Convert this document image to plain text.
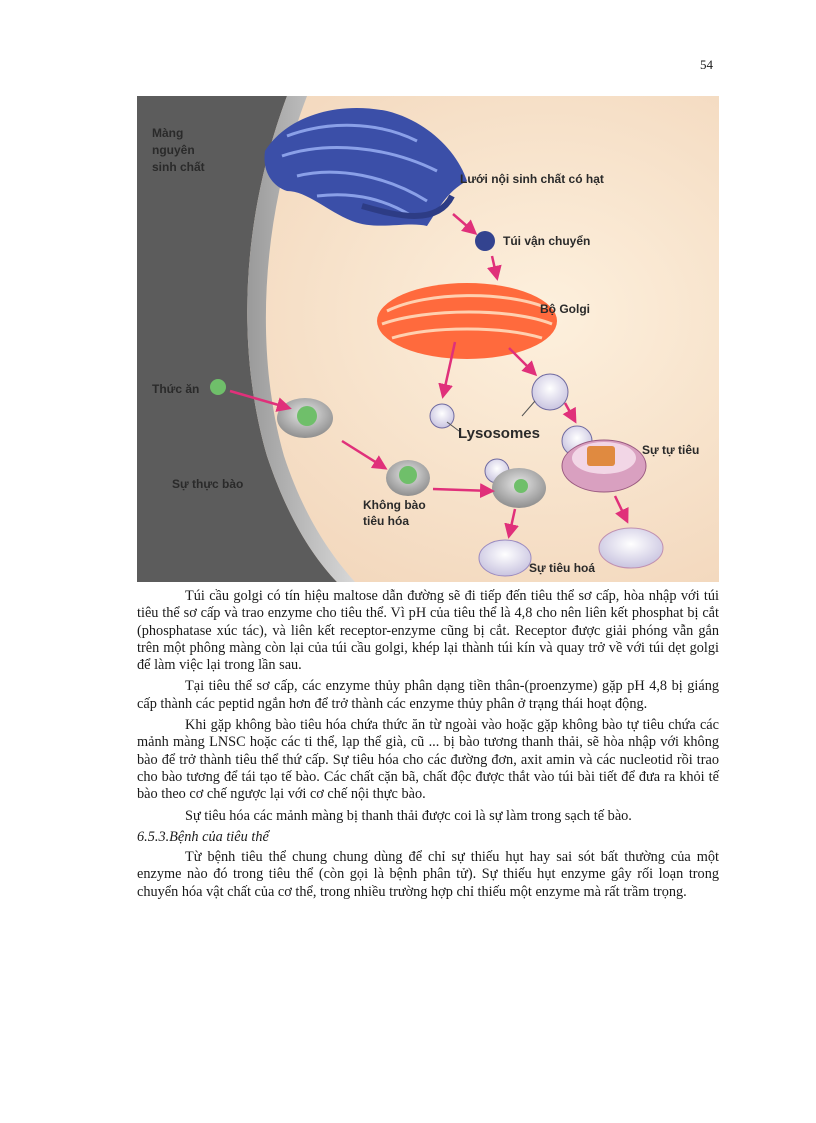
54
Màng
nguyên
sinh chất
Lưới nội sinh chất có hạt
Túi vận chuyển
Bộ Golgi
Thức ăn
Lysosomes
Sự tự tiêu
Sự thực bào
Không bào
tiêu hóa
Sự tiêu hoá

Túi cầu golgi có tín hiệu maltose dẫn đường sẽ đi tiếp đến tiêu thể sơ cấp, hòa nhập với túi tiêu thể sơ cấp và trao enzyme cho tiêu thể. Vì pH của tiêu thể là 4,8 cho nên liên kết phosphat bị cắt (phosphatase xúc tác), và liên kết receptor-enzyme cũng bị cắt. Receptor được giải phóng vẫn gắn trên một phông màng còn lại của túi cầu golgi, khép lại thành túi kín và quay trở về với túi dẹt golgi để làm việc lại trong lần sau.

Tại tiêu thể sơ cấp, các enzyme thủy phân dạng tiền thân-(proenzyme) gặp pH 4,8 bị giáng cấp thành các peptid ngắn hơn để trở thành các enzyme thủy phân ở trạng thái hoạt động.

Khi gặp không bào tiêu hóa chứa thức ăn từ ngoài vào hoặc gặp không bào tự tiêu chứa các mảnh màng LNSC hoặc các ti thể, lạp thể già, cũ ... bị bào tương thanh thải, sẽ hòa nhập với không bào để trở thành tiêu thể thứ cấp. Sự tiêu hóa cho các đường đơn, axit amin và các nucleotid rồi trao cho bào tương để tái tạo tế bào. Các chất cặn bã, chất độc được thắt vào túi bài tiết để đưa ra khỏi tế bào theo cơ chế ngược lại với cơ chế nội thực bào.

Sự tiêu hóa các mảnh màng bị thanh thải được coi là sự làm trong sạch tế bào.

6.5.3.Bệnh của tiêu thể

Từ bệnh tiêu thể chung chung dùng để chỉ sự thiếu hụt hay sai sót bất thường của một enzyme nào đó trong tiêu thể (còn gọi là bệnh phân tử). Sự thiếu hụt enzyme gây rối loạn trong chuyển hóa vật chất của cơ thể, trong nhiều trường hợp chỉ thiếu một enzyme mà rất trầm trọng.
